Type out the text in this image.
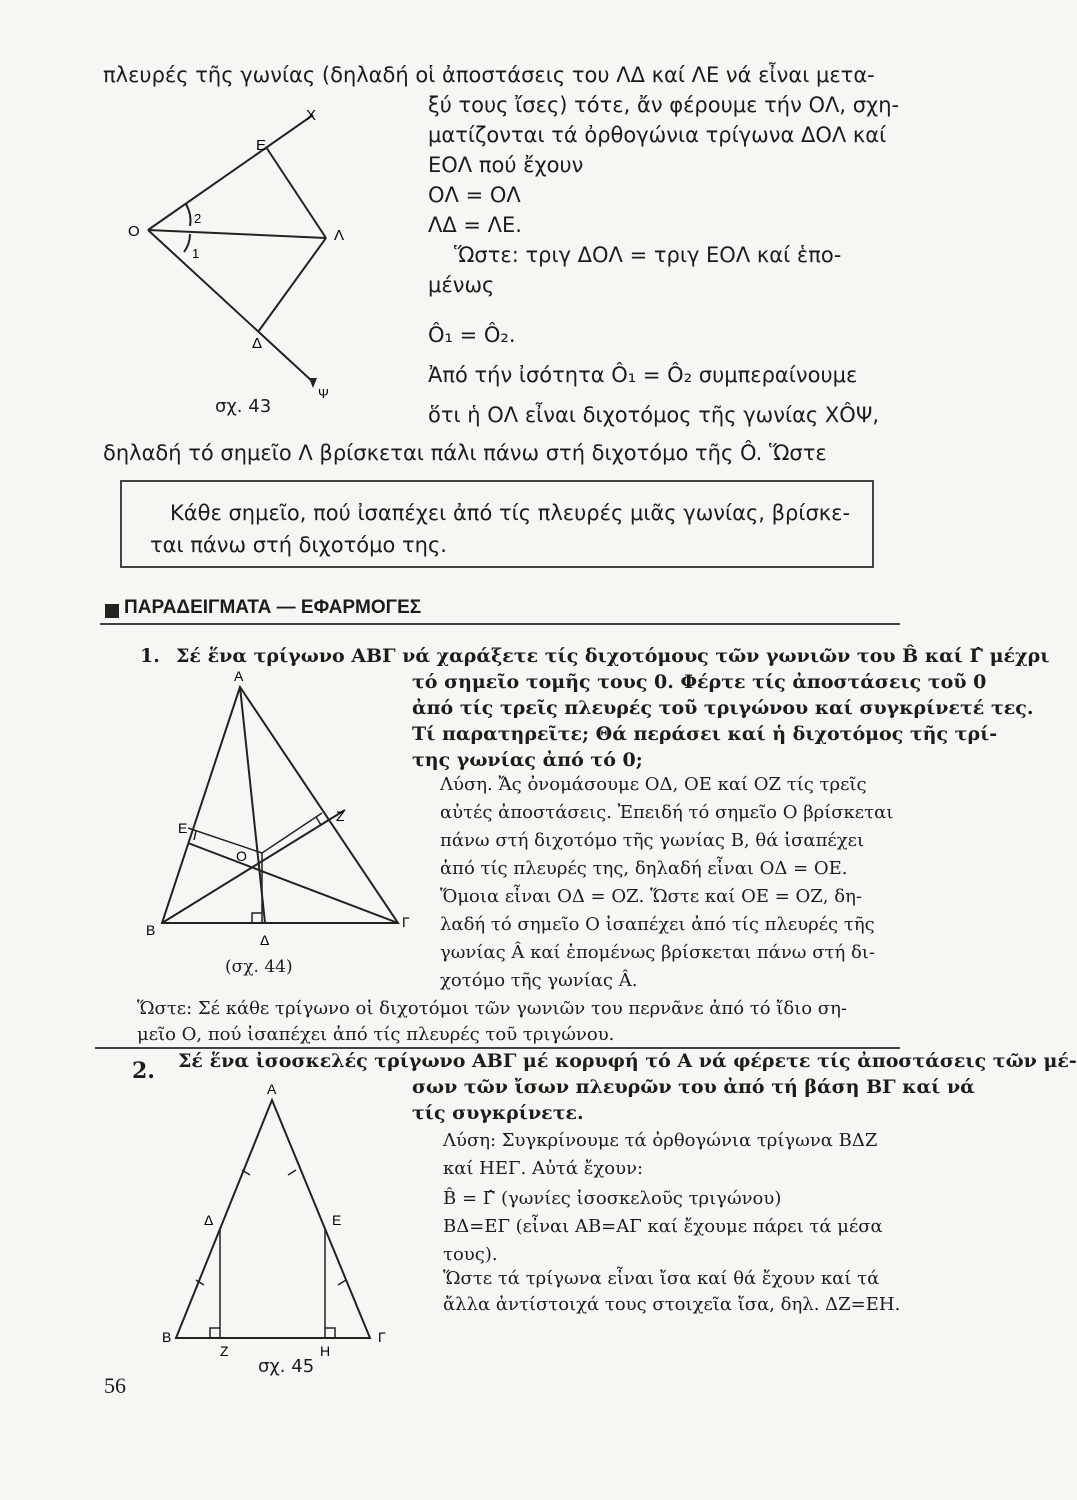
πλευρές τῆς γωνίας (δηλαδή οἱ ἀποστάσεις του ΛΔ καί ΛΕ νά εἶναι μετα-
ξύ τους ἴσες) τότε, ἄν φέρουμε τήν ΟΛ, σχη-
ματίζονται τά ὀρθογώνια τρίγωνα ΔΟΛ καί
ΕΟΛ πού ἔχουν
ΟΛ = ΟΛ
ΛΔ = ΛΕ.
Ὥστε: τριγ ΔΟΛ = τριγ ΕΟΛ καί ἑπο-
μένως
Ô₁ = Ô₂.
Ἀπό τήν ἰσότητα Ô₁ = Ô₂ συμπεραίνουμε
ὅτι ἡ ΟΛ εἶναι διχοτόμος τῆς γωνίας ΧÔΨ,
δηλαδή τό σημεῖο Λ βρίσκεται πάλι πάνω στή διχοτόμο τῆς Ô. Ὥστε
σχ. 43
Χ
Ε
Ο
2
1
Λ
Δ
Ψ
Κάθε σημεῖο, πού ἰσαπέχει ἀπό τίς πλευρές μιᾶς γωνίας, βρίσκε-
ται πάνω στή διχοτόμο της.
ΠΑΡΑΔΕΙΓΜΑΤΑ — ΕΦΑΡΜΟΓΕΣ
1. Σέ ἕνα τρίγωνο ΑΒΓ νά χαράξετε τίς διχοτόμους τῶν γωνιῶν του B̂ καί Γ̂ μέχρι
τό σημεῖο τομῆς τους 0. Φέρτε τίς ἀποστάσεις τοῦ 0
ἀπό τίς τρεῖς πλευρές τοῦ τριγώνου καί συγκρίνετέ τες.
Τί παρατηρεῖτε; Θά περάσει καί ἡ διχοτόμος τῆς τρί-
της γωνίας ἀπό τό 0;
Λύση. Ἄς ὀνομάσουμε ΟΔ, ΟΕ καί ΟΖ τίς τρεῖς
αὐτές ἀποστάσεις. Ἐπειδή τό σημεῖο Ο βρίσκεται
πάνω στή διχοτόμο τῆς γωνίας Β, θά ἰσαπέχει
ἀπό τίς πλευρές της, δηλαδή εἶναι ΟΔ = ΟΕ.
Ὅμοια εἶναι ΟΔ = ΟΖ. Ὥστε καί ΟΕ = ΟΖ, δη-
λαδή τό σημεῖο Ο ἰσαπέχει ἀπό τίς πλευρές τῆς
γωνίας Â καί ἑπομένως βρίσκεται πάνω στή δι-
χοτόμο τῆς γωνίας Â.
Ὥστε: Σέ κάθε τρίγωνο οἱ διχοτόμοι τῶν γωνιῶν του περνᾶνε ἀπό τό ἴδιο ση-
μεῖο Ο, πού ἰσαπέχει ἀπό τίς πλευρές τοῦ τριγώνου.
(σχ. 44)
Α
Β	Γ
Δ
Ε
Ζ
Ο
2. Σέ ἕνα ἰσοσκελές τρίγωνο ΑΒΓ μέ κορυφή τό Α νά φέρετε τίς ἀποστάσεις τῶν μέ-
σων τῶν ἴσων πλευρῶν του ἀπό τή βάση ΒΓ καί νά
τίς συγκρίνετε.
Λύση: Συγκρίνουμε τά ὀρθογώνια τρίγωνα ΒΔΖ
καί ΗΕΓ. Αὐτά ἔχουν:
B̂ = Γ̂ (γωνίες ἰσοσκελοῦς τριγώνου)
ΒΔ=ΕΓ (εἶναι ΑΒ=ΑΓ καί ἔχουμε πάρει τά μέσα
τους).
Ὥστε τά τρίγωνα εἶναι ἴσα καί θά ἔχουν καί τά
ἄλλα ἀντίστοιχά τους στοιχεῖα ἴσα, δηλ. ΔΖ=ΕΗ.
σχ. 45
Α
Β	Γ
Δ	Ε
Ζ	Η
56
